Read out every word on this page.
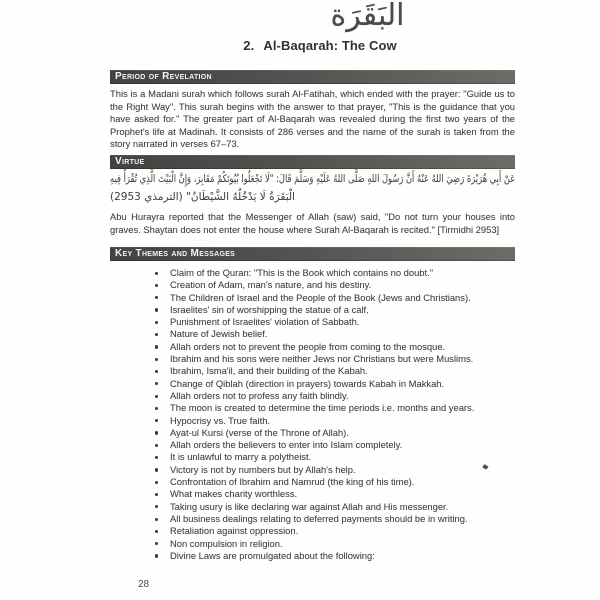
البَقَرَة
2. Al-Baqarah: The Cow
Period of Revelation
This is a Madani surah which follows surah Al-Fatihah, which ended with the prayer: "Guide us to the Right Way". This surah begins with the answer to that prayer, "This is the guidance that you have asked for." The greater part of Al-Baqarah was revealed during the first two years of the Prophet's life at Madinah. It consists of 286 verses and the name of the surah is taken from the story narrated in verses 67–73.
Virtue
عَنْ أَبِي هُرَيْرَةَ رَضِيَ اللهُ عَنْهُ أَنَّ رَسُولَ اللهِ صَلَّى اللهُ عَلَيْهِ وَسَلَّمَ قَالَ: "لَا تَجْعَلُوا بُيُوتَكُمْ مَقَابِرَ، وَإِنَّ الْبَيْتَ الَّذِي تُقْرَأُ فِيهِ
الْبَقَرَةُ لَا يَدْخُلُهُ الشَّيْطَانُ" (الترمذي 2953)
Abu Hurayra reported that the Messenger of Allah (saw) said, "Do not turn your houses into graves. Shaytan does not enter the house where Surah Al-Baqarah is recited." [Tirmidhi 2953]
Key Themes and Messages
Claim of the Quran: "This is the Book which contains no doubt."
Creation of Adam, man's nature, and his destiny.
The Children of Israel and the People of the Book (Jews and Christians).
Israelites' sin of worshipping the statue of a calf.
Punishment of Israelites' violation of Sabbath.
Nature of Jewish belief.
Allah orders not to prevent the people from coming to the mosque.
Ibrahim and his sons were neither Jews nor Christians but were Muslims.
Ibrahim, Isma'il, and their building of the Kabah.
Change of Qiblah (direction in prayers) towards Kabah in Makkah.
Allah orders not to profess any faith blindly.
The moon is created to determine the time periods i.e. months and years.
Hypocrisy vs. True faith.
Ayat-ul Kursi (verse of the Throne of Allah).
Allah orders the believers to enter into Islam completely.
It is unlawful to marry a polytheist.
Victory is not by numbers but by Allah's help.
Confrontation of Ibrahim and Namrud (the king of his time).
What makes charity worthless.
Taking usury is like declaring war against Allah and His messenger.
All business dealings relating to deferred payments should be in writing.
Retaliation against oppression.
Non compulsion in religion.
Divine Laws are promulgated about the following:
28
